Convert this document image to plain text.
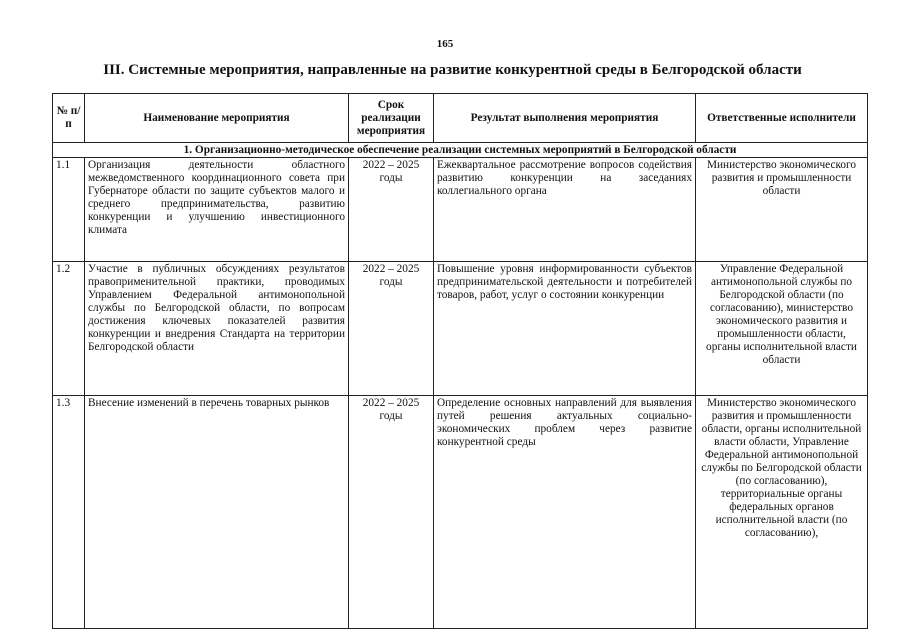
165
III. Системные мероприятия, направленные на развитие конкурентной среды в Белгородской области
№ п/п	Наименование мероприятия	Срок реализации мероприятия	Результат выполнения мероприятия	Ответственные исполнители
1. Организационно-методическое обеспечение реализации системных мероприятий в Белгородской области				
1.1	Организация деятельности областного межведомственного координационного совета при Губернаторе области по защите субъектов малого и среднего предпринимательства, развитию конкуренции и улучшению инвестиционного климата	2022 – 2025 годы	Ежеквартальное рассмотрение вопросов содействия развитию конкуренции на заседаниях коллегиального органа	Министерство экономического развития и промышленности области
1.2	Участие в публичных обсуждениях результатов правоприменительной практики, проводимых Управлением Федеральной антимонопольной службы по Белгородской области, по вопросам достижения ключевых показателей развития конкуренции и внедрения Стандарта на территории Белгородской области	2022 – 2025 годы	Повышение уровня информированности субъектов предпринимательской деятельности и потребителей товаров, работ, услуг о состоянии конкуренции	Управление Федеральной антимонопольной службы по Белгородской области (по согласованию), министерство экономического развития и промышленности области, органы исполнительной власти области
1.3	Внесение изменений в перечень товарных рынков	2022 – 2025 годы	Определение основных направлений для выявления путей решения актуальных социально-экономических проблем через развитие конкурентной среды	Министерство экономического развития и промышленности области, органы исполнительной власти области, Управление Федеральной антимонопольной службы по Белгородской области (по согласованию), территориальные органы федеральных органов исполнительной власти (по согласованию),
